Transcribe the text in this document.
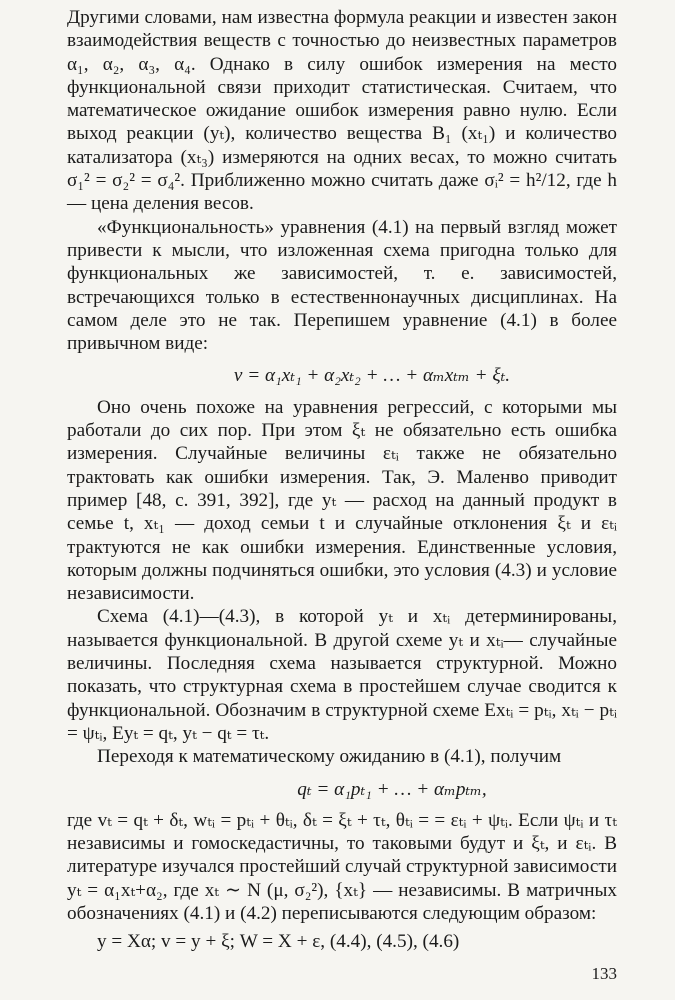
Другими словами, нам известна формула реакции и известен закон взаимодействия веществ с точностью до неизвестных параметров α₁, α₂, α₃, α₄. Однако в силу ошибок измерения на место функциональной связи приходит статистическая. Считаем, что математическое ожидание ошибок измерения равно нулю. Если выход реакции (yₜ), количество вещества B₁ (xₜ₁) и количество катализатора (xₜ₃) измеряются на одних весах, то можно считать σ₁² = σ₂² = σ₄². Приближенно можно считать даже σᵢ² = h²/12, где h — цена деления весов.

«Функциональность» уравнения (4.1) на первый взгляд может привести к мысли, что изложенная схема пригодна только для функциональных же зависимостей, т. е. зависимостей, встречающихся только в естественнонаучных дисциплинах. На самом деле это не так. Перепишем уравнение (4.1) в более привычном виде:

v = α₁xₜ₁ + α₂xₜ₂ + … + αₘxₜₘ + ξₜ.

Оно очень похоже на уравнения регрессий, с которыми мы работали до сих пор. При этом ξₜ не обязательно есть ошибка измерения. Случайные величины εₜᵢ также не обязательно трактовать как ошибки измерения. Так, Э. Маленво приводит пример [48, с. 391, 392], где yₜ — расход на данный продукт в семье t, xₜ₁ — доход семьи t и случайные отклонения ξₜ и εₜᵢ трактуются не как ошибки измерения. Единственные условия, которым должны подчиняться ошибки, это условия (4.3) и условие независимости.

Схема (4.1)—(4.3), в которой yₜ и xₜᵢ детерминированы, называется функциональной. В другой схеме yₜ и xₜᵢ— случайные величины. Последняя схема называется структурной. Можно показать, что структурная схема в простейшем случае сводится к функциональной. Обозначим в структурной схеме Exₜᵢ = pₜᵢ, xₜᵢ − pₜᵢ = ψₜᵢ, Eyₜ = qₜ, yₜ − qₜ = τₜ.

Переходя к математическому ожиданию в (4.1), получим

qₜ = α₁pₜ₁ + … + αₘpₜₘ,

где vₜ = qₜ + δₜ, wₜᵢ = pₜᵢ + θₜᵢ, δₜ = ξₜ + τₜ, θₜᵢ = = εₜᵢ + ψₜᵢ. Если ψₜᵢ и τₜ независимы и гомоскедастичны, то таковыми будут и ξₜ, и εₜᵢ. В литературе изучался простейший случай структурной зависимости yₜ = α₁xₜ+α₂, где xₜ ∼ N (μ, σ₂²), {xₜ} — независимы. В матричных обозначениях (4.1) и (4.2) переписываются следующим образом:

y = Xα; v = y + ξ; W = X + ε, (4.4), (4.5), (4.6)

133
